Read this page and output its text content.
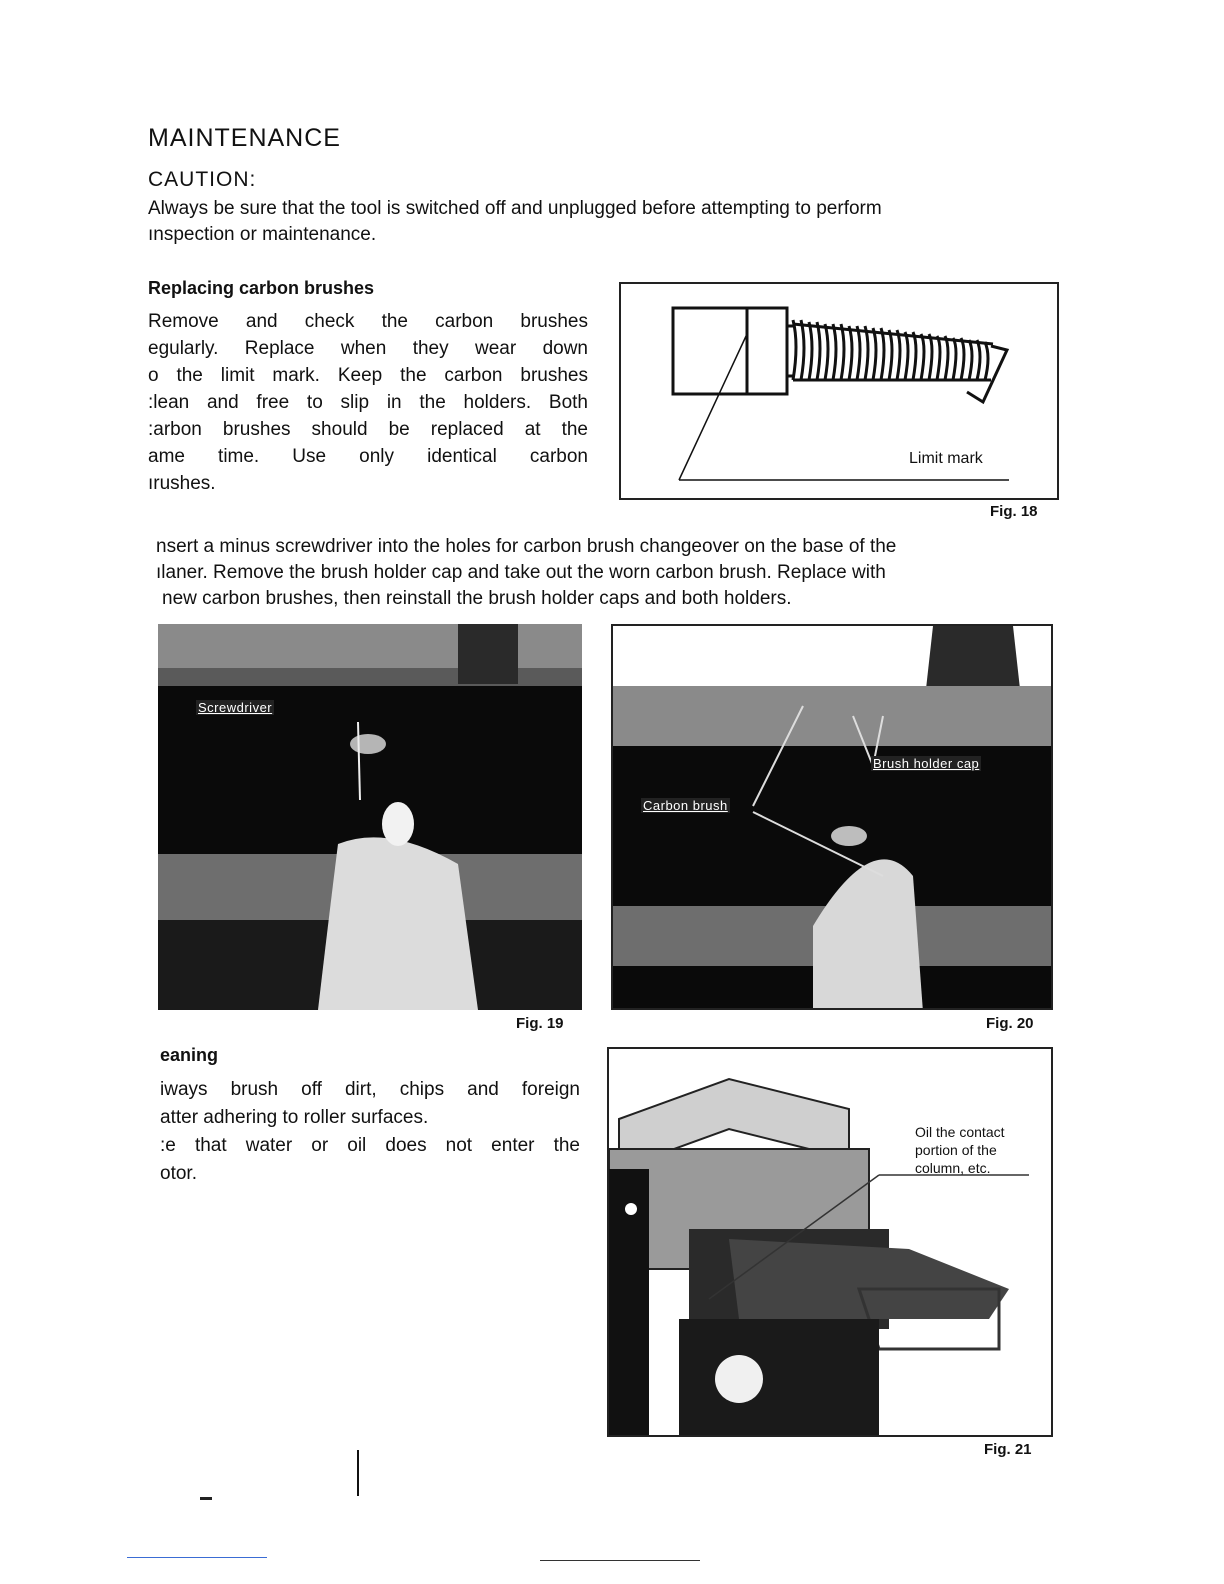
MAINTENANCE
CAUTION:
Always be sure that the tool is switched off and unplugged before attempting to perform
ınspection or maintenance.
Replacing carbon brushes
Remove and check the carbon brushes
egularly. Replace when they wear down
o the limit mark. Keep the carbon brushes
:lean and free to slip in the holders. Both
:arbon brushes should be replaced at the
ame time. Use only identical carbon
ırushes.
Limit mark
Fig. 18
nsert a minus screwdriver into the holes for carbon brush changeover on the base of the
ılaner. Remove the brush holder cap and take out the worn carbon brush. Replace with
new carbon brushes, then reinstall the brush holder caps and both holders.
Screwdriver
Fig. 19
Brush holder cap
Carbon brush
Fig. 20
eaning
iways brush off dirt, chips and foreign
atter adhering to roller surfaces.
:e that water or oil does not enter the
otor.
Oil the contact
portion of the
column, etc.
Fig. 21
